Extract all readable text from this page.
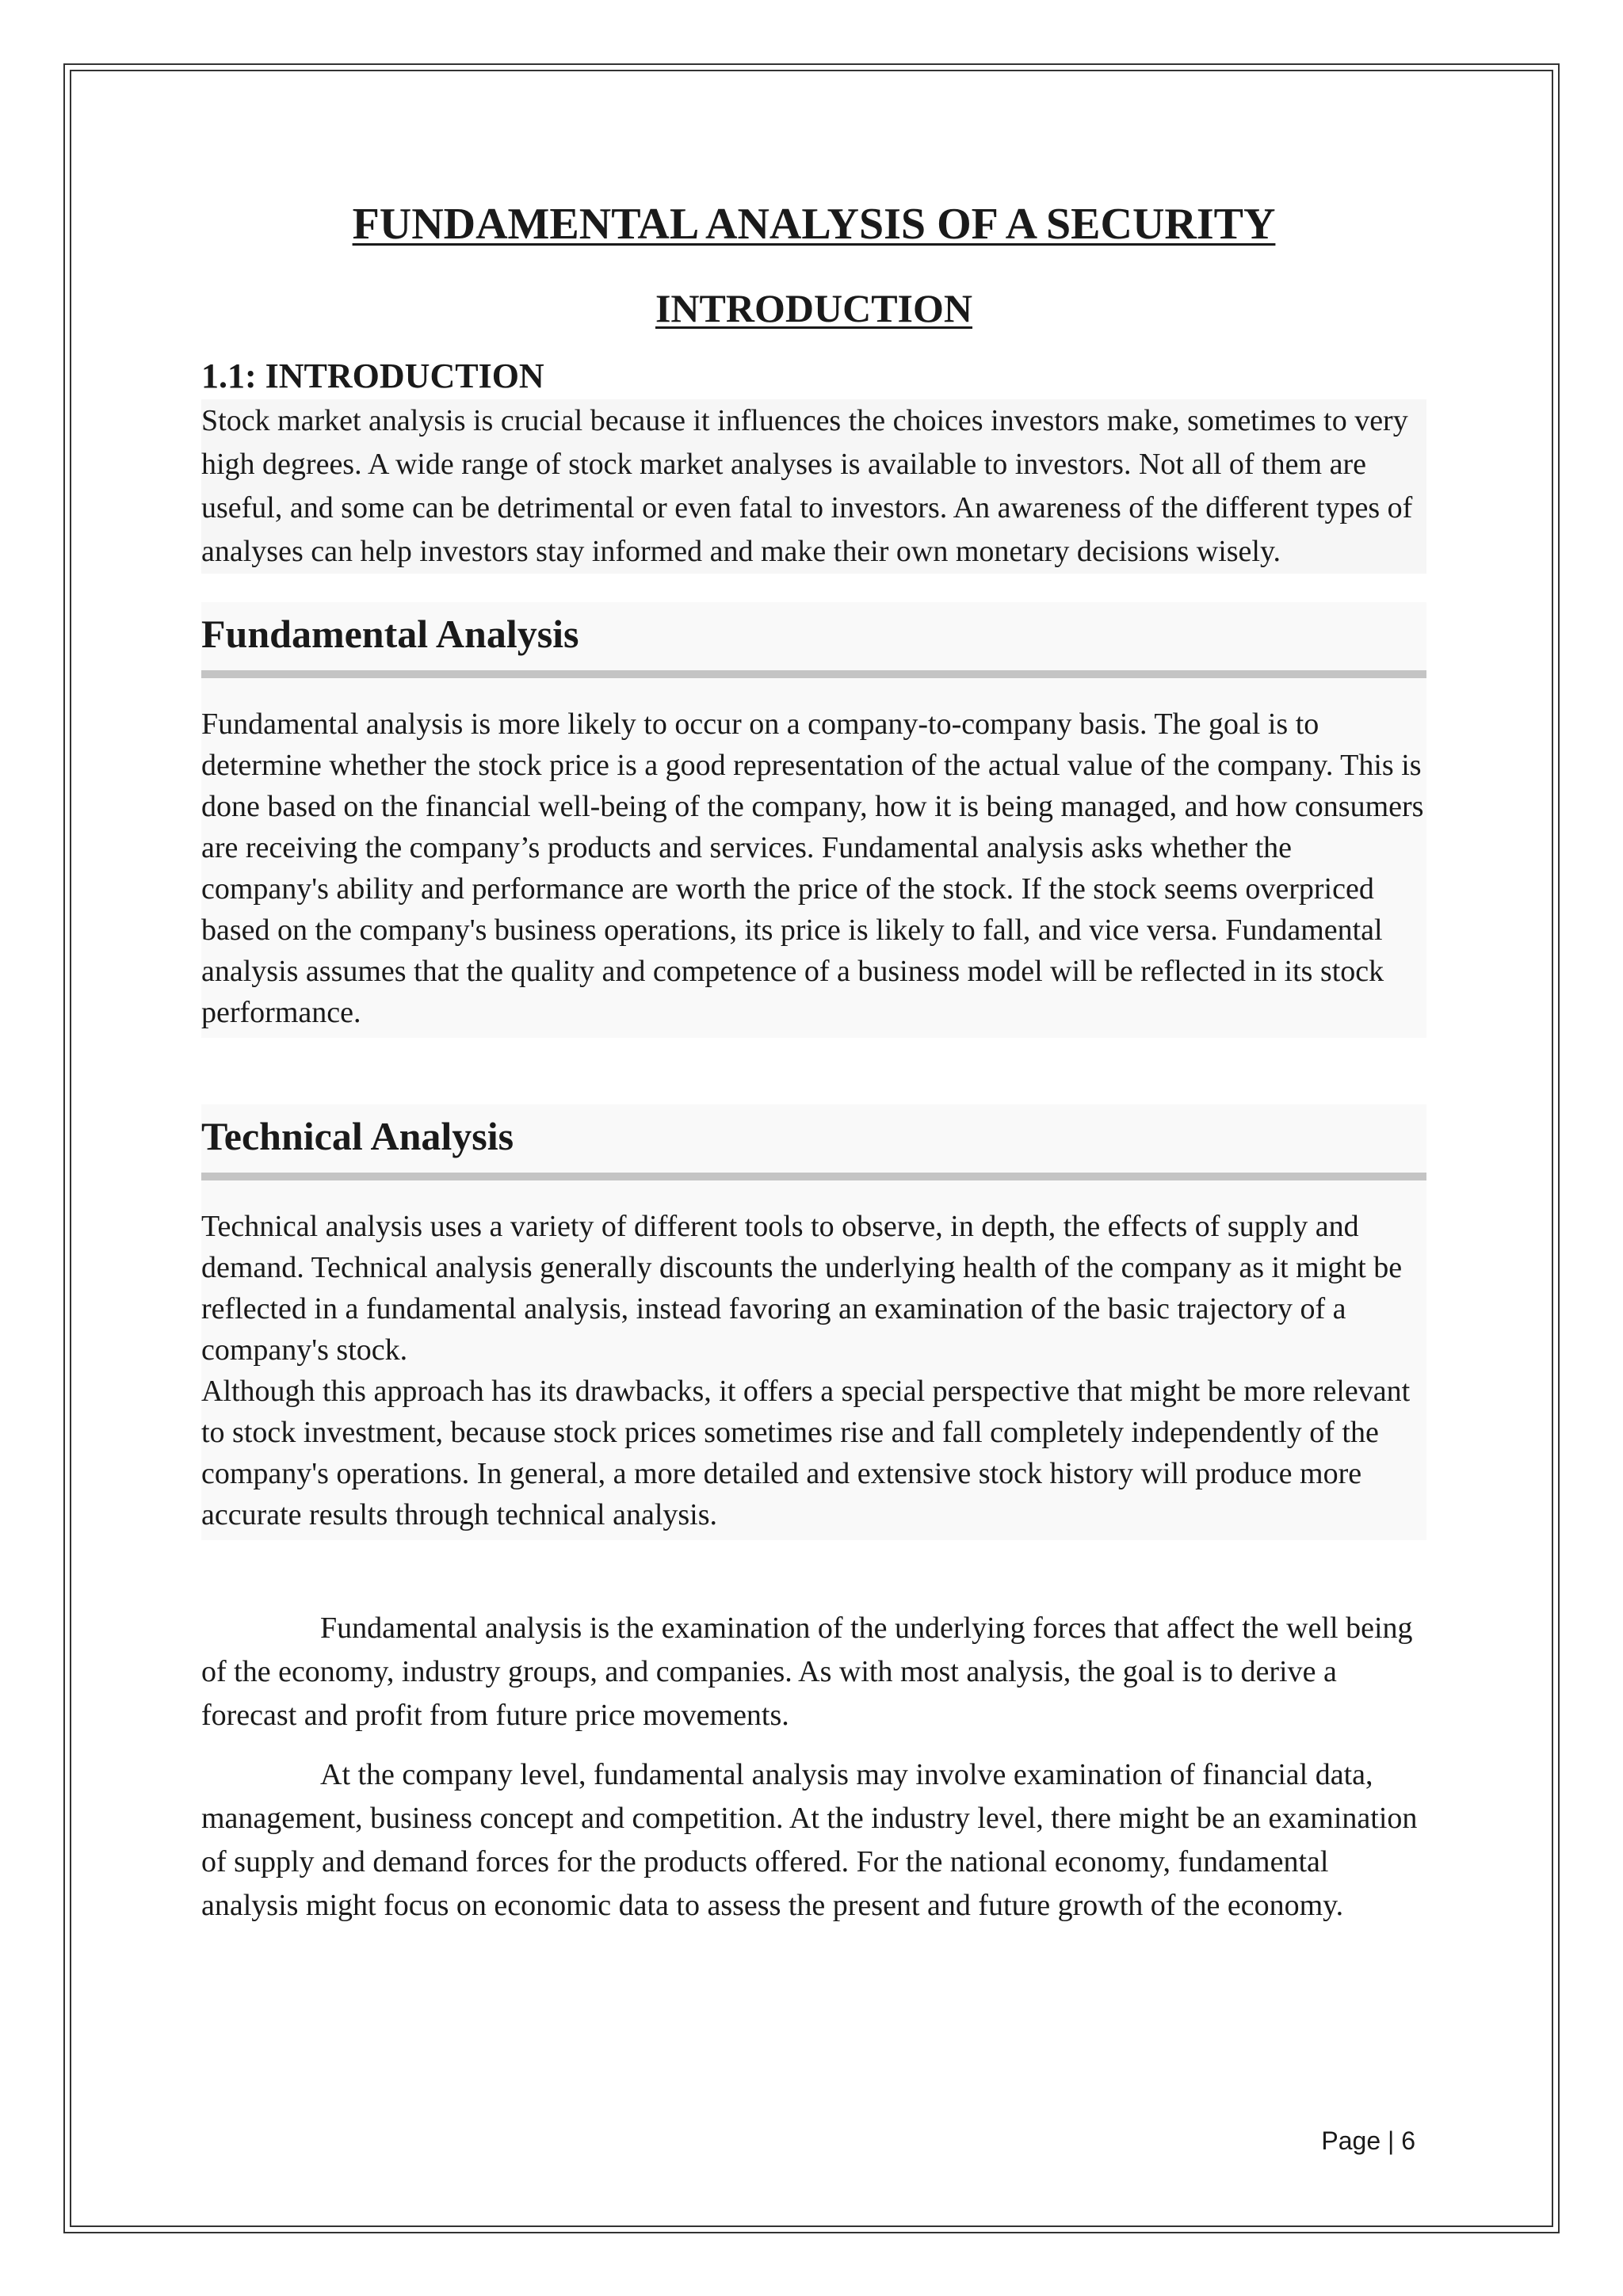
FUNDAMENTAL ANALYSIS OF A SECURITY
INTRODUCTION
1.1: INTRODUCTION

Stock market analysis is crucial because it influences the choices investors make, sometimes to very high degrees. A wide range of stock market analyses is available to investors. Not all of them are useful, and some can be detrimental or even fatal to investors. An awareness of the different types of analyses can help investors stay informed and make their own monetary decisions wisely.

Fundamental Analysis

Fundamental analysis is more likely to occur on a company-to-company basis. The goal is to determine whether the stock price is a good representation of the actual value of the company. This is done based on the financial well-being of the company, how it is being managed, and how consumers are receiving the company’s products and services. Fundamental analysis asks whether the company's ability and performance are worth the price of the stock. If the stock seems overpriced based on the company's business operations, its price is likely to fall, and vice versa. Fundamental analysis assumes that the quality and competence of a business model will be reflected in its stock performance.

Technical Analysis

Technical analysis uses a variety of different tools to observe, in depth, the effects of supply and demand. Technical analysis generally discounts the underlying health of the company as it might be reflected in a fundamental analysis, instead favoring an examination of the basic trajectory of a company's stock.

Although this approach has its drawbacks, it offers a special perspective that might be more relevant to stock investment, because stock prices sometimes rise and fall completely independently of the company's operations. In general, a more detailed and extensive stock history will produce more accurate results through technical analysis.

Fundamental analysis is the examination of the underlying forces that affect the well being of the economy, industry groups, and companies. As with most analysis, the goal is to derive a forecast and profit from future price movements.

At the company level, fundamental analysis may involve examination of financial data, management, business concept and competition. At the industry level, there might be an examination of supply and demand forces for the products offered. For the national economy, fundamental analysis might focus on economic data to assess the present and future growth of the economy.

Page | 6
